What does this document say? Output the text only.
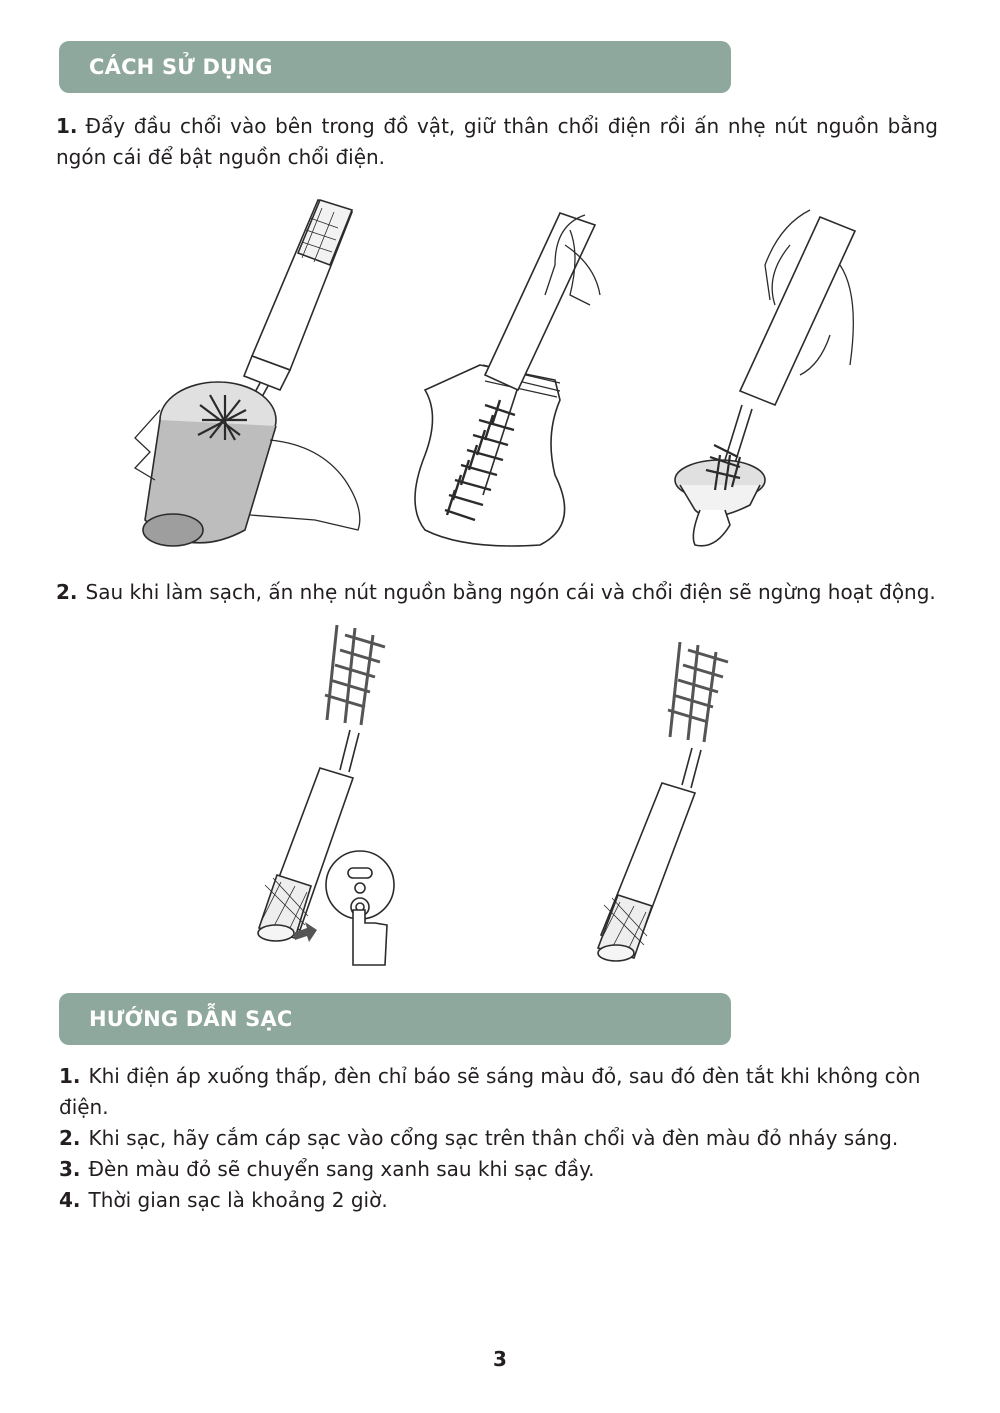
CÁCH SỬ DỤNG
1. Đẩy đầu chổi vào bên trong đồ vật, giữ thân chổi điện rồi ấn nhẹ nút nguồn bằng ngón cái để bật nguồn chổi điện.
2. Sau khi làm sạch, ấn nhẹ nút nguồn bằng ngón cái và chổi điện sẽ ngừng hoạt động.
HƯỚNG DẪN SẠC
1. Khi điện áp xuống thấp, đèn chỉ báo sẽ sáng màu đỏ, sau đó đèn tắt khi không còn điện.
2. Khi sạc, hãy cắm cáp sạc vào cổng sạc trên thân chổi và đèn màu đỏ nháy sáng.
3. Đèn màu đỏ sẽ chuyển sang xanh sau khi sạc đầy.
4. Thời gian sạc là khoảng 2 giờ.
3
